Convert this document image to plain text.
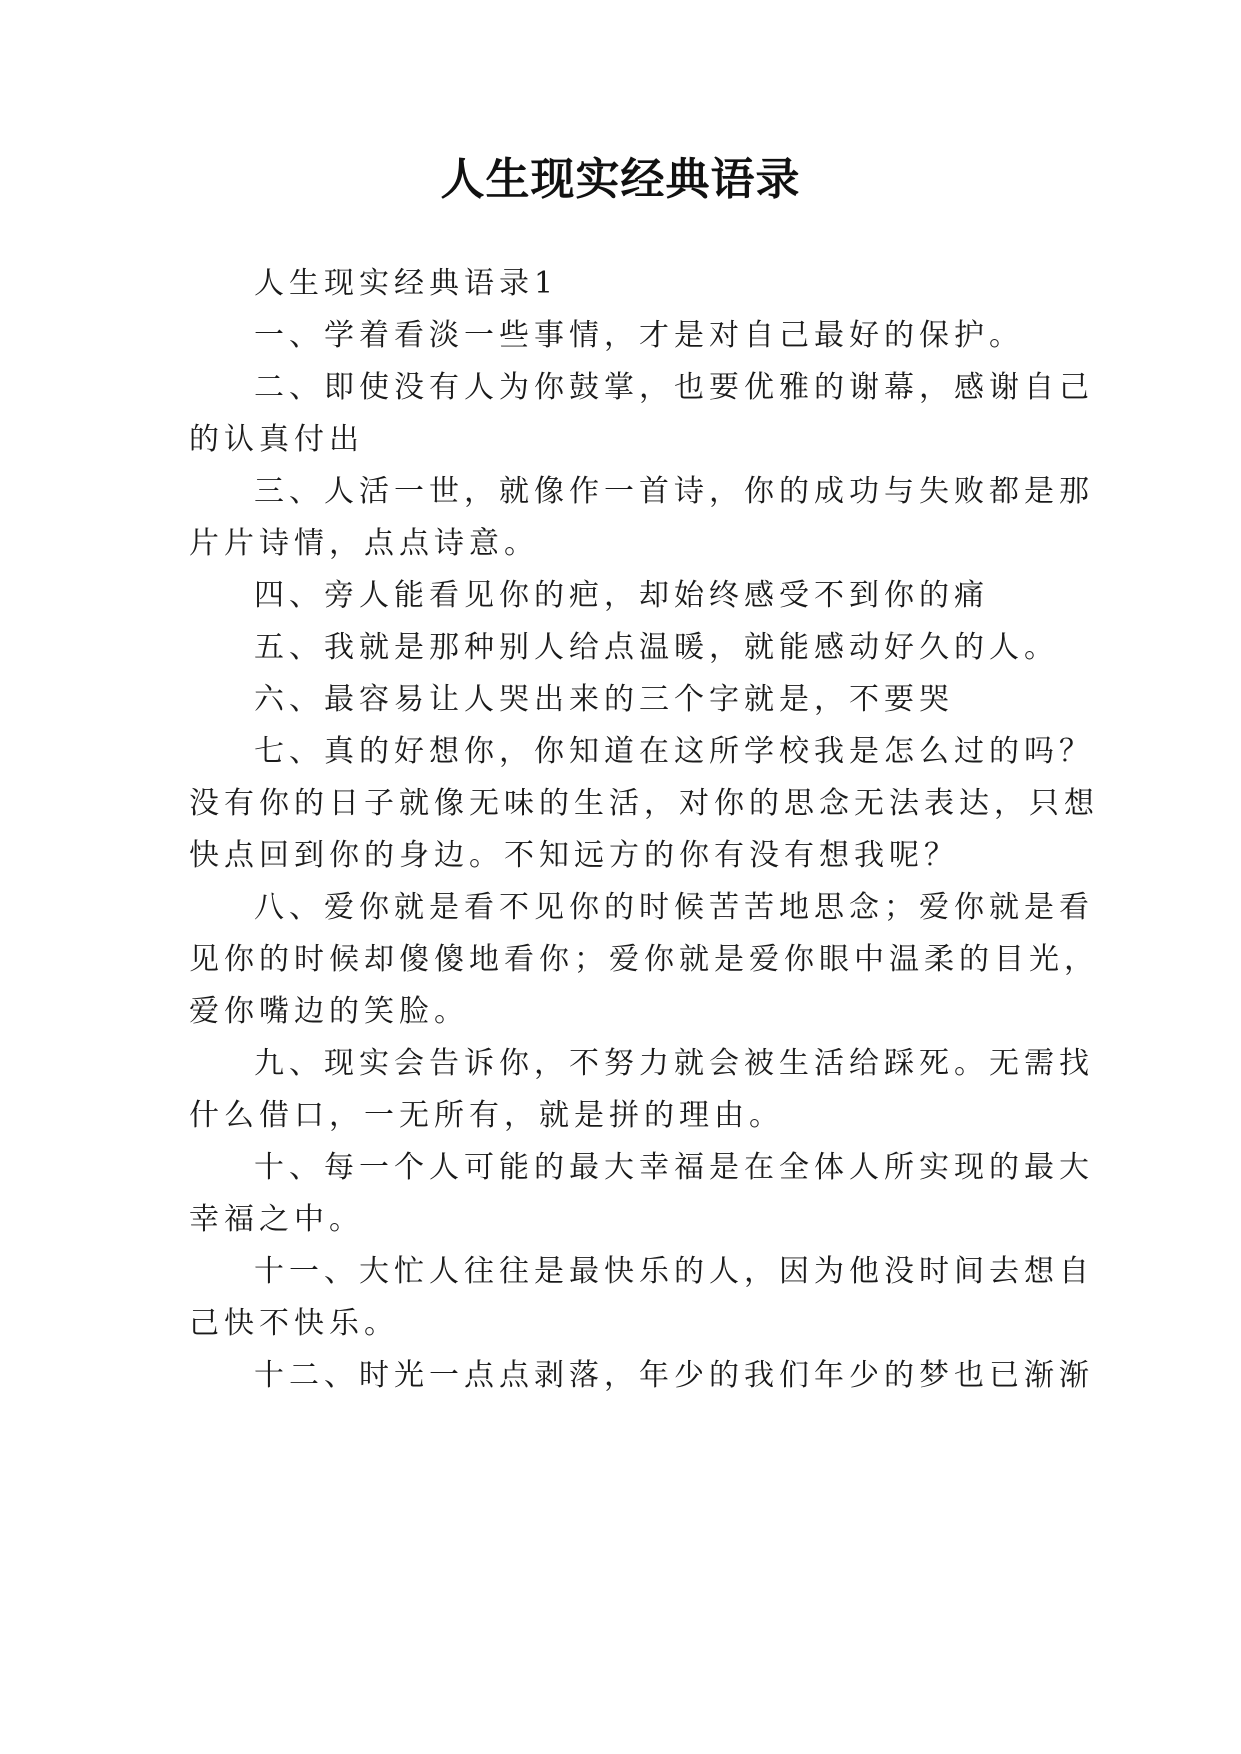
人生现实经典语录
人生现实经典语录1
一、学着看淡一些事情，才是对自己最好的保护。
二、即使没有人为你鼓掌，也要优雅的谢幕，感谢自己
的认真付出
三、人活一世，就像作一首诗，你的成功与失败都是那
片片诗情，点点诗意。
四、旁人能看见你的疤，却始终感受不到你的痛
五、我就是那种别人给点温暖，就能感动好久的人。
六、最容易让人哭出来的三个字就是，不要哭
七、真的好想你，你知道在这所学校我是怎么过的吗？
没有你的日子就像无味的生活，对你的思念无法表达，只想
快点回到你的身边。不知远方的你有没有想我呢？
八、爱你就是看不见你的时候苦苦地思念；爱你就是看
见你的时候却傻傻地看你；爱你就是爱你眼中温柔的目光，
爱你嘴边的笑脸。
九、现实会告诉你，不努力就会被生活给踩死。无需找
什么借口，一无所有，就是拼的理由。
十、每一个人可能的最大幸福是在全体人所实现的最大
幸福之中。
十一、大忙人往往是最快乐的人，因为他没时间去想自
己快不快乐。
十二、时光一点点剥落，年少的我们年少的梦也已渐渐
